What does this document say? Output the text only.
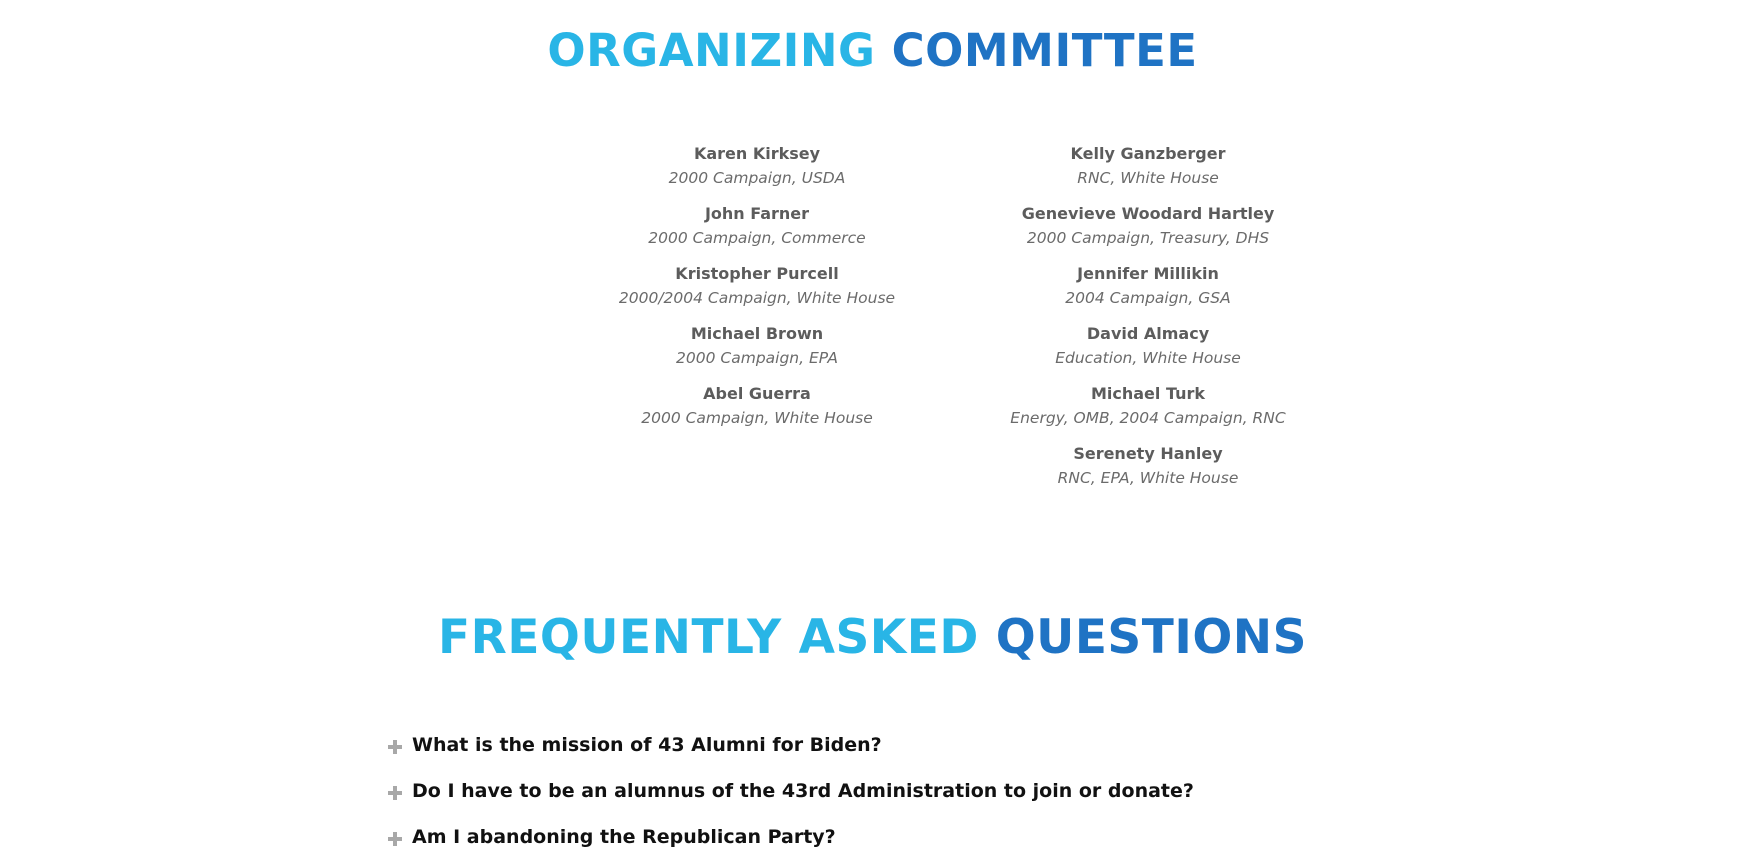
ORGANIZING COMMITTEE
Karen Kirksey
2000 Campaign, USDA
John Farner
2000 Campaign, Commerce
Kristopher Purcell
2000/2004 Campaign, White House
Michael Brown
2000 Campaign, EPA
Abel Guerra
2000 Campaign, White House
Kelly Ganzberger
RNC, White House
Genevieve Woodard Hartley
2000 Campaign, Treasury, DHS
Jennifer Millikin
2004 Campaign, GSA
David Almacy
Education, White House
Michael Turk
Energy, OMB, 2004 Campaign, RNC
Serenety Hanley
RNC, EPA, White House
FREQUENTLY ASKED QUESTIONS
What is the mission of 43 Alumni for Biden?
Do I have to be an alumnus of the 43rd Administration to join or donate?
Am I abandoning the Republican Party?
